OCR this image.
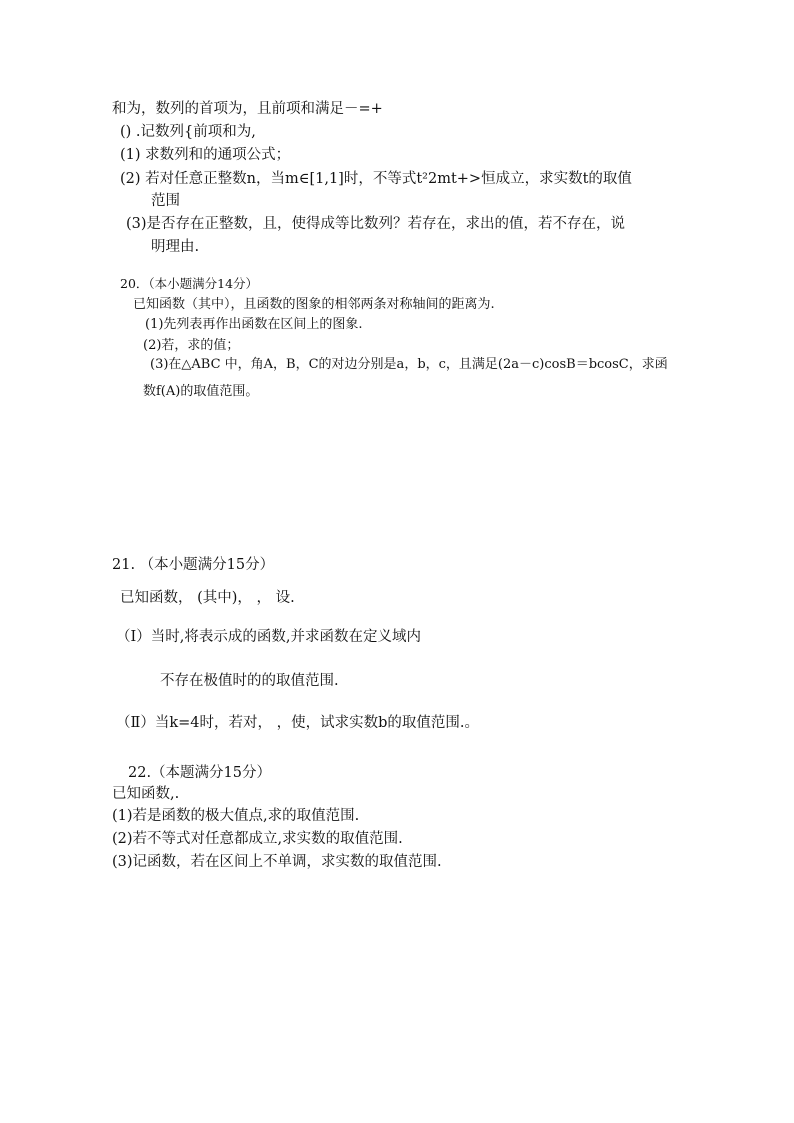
和为，数列的首项为，且前项和满足－=+
() .记数列{前项和为,
(1) 求数列和的通项公式；
(2) 若对任意正整数n，当m∈[1,1]时，不等式t²2mt+>恒成立，求实数t的取值
范围
(3)是否存在正整数，且，使得成等比数列？若存在，求出的值，若不存在，说
明理由.
20．（本小题满分14分）
已知函数（其中），且函数的图象的相邻两条对称轴间的距离为.
(1)先列表再作出函数在区间上的图象.
(2)若，求的值；
(3)在△ABC 中，角A，B，C的对边分别是a，b，c，且满足(2a－c)cosB＝bcosC，求函
数f(A)的取值范围。
21. （本小题满分15分）
已知函数， (其中)， ， 设.
（Ⅰ）当时,将表示成的函数,并求函数在定义域内
不存在极值时的的取值范围.
（Ⅱ）当k=4时，若对， ，使，试求实数b的取值范围.。
22.（本题满分15分）
已知函数,.
(1)若是函数的极大值点,求的取值范围.
(2)若不等式对任意都成立,求实数的取值范围.
(3)记函数，若在区间上不单调，求实数的取值范围.
